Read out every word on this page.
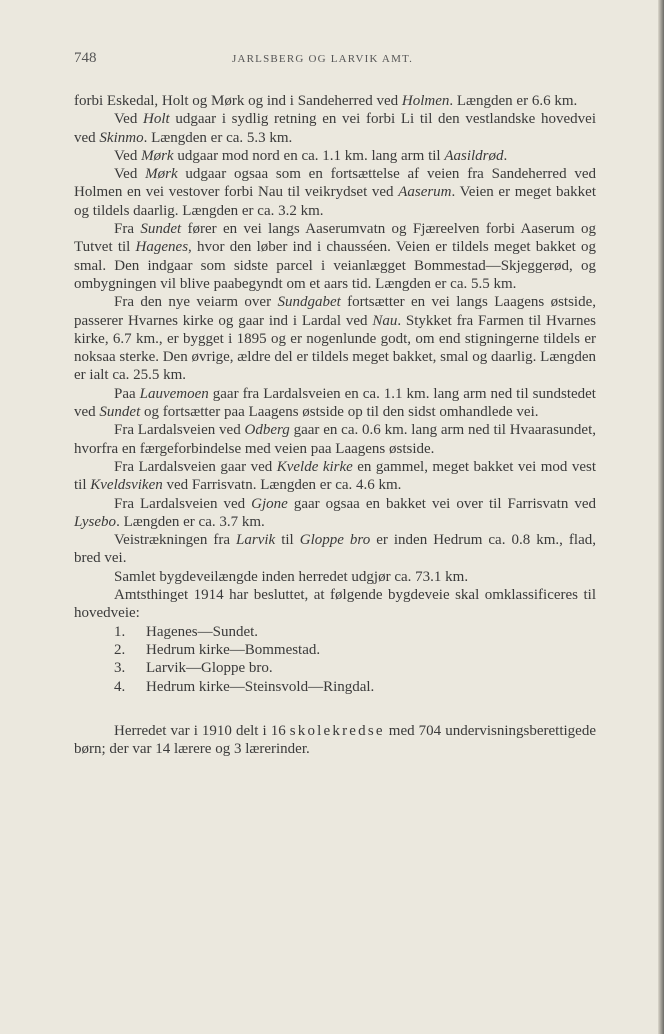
748	JARLSBERG OG LARVIK AMT.

forbi Eskedal, Holt og Mørk og ind i Sandeherred ved Holmen. Længden er 6.6 km.

Ved Holt udgaar i sydlig retning en vei forbi Li til den vestlandske hovedvei ved Skinmo. Længden er ca. 5.3 km.

Ved Mørk udgaar mod nord en ca. 1.1 km. lang arm til Aasildrød.

Ved Mørk udgaar ogsaa som en fortsættelse af veien fra Sandeherred ved Holmen en vei vestover forbi Nau til veikrydset ved Aaserum. Veien er meget bakket og tildels daarlig. Længden er ca. 3.2 km.

Fra Sundet fører en vei langs Aaserumvatn og Fjæreelven forbi Aaserum og Tutvet til Hagenes, hvor den løber ind i chausséen. Veien er tildels meget bakket og smal. Den indgaar som sidste parcel i veianlægget Bommestad—Skjeggerød, og ombygningen vil blive paabegyndt om et aars tid. Længden er ca. 5.5 km.

Fra den nye veiarm over Sundgabet fortsætter en vei langs Laagens østside, passerer Hvarnes kirke og gaar ind i Lardal ved Nau. Stykket fra Farmen til Hvarnes kirke, 6.7 km., er bygget i 1895 og er nogenlunde godt, om end stigningerne tildels er noksaa sterke. Den øvrige, ældre del er tildels meget bakket, smal og daarlig. Længden er ialt ca. 25.5 km.

Paa Lauvemoen gaar fra Lardalsveien en ca. 1.1 km. lang arm ned til sundstedet ved Sundet og fortsætter paa Laagens østside op til den sidst omhandlede vei.

Fra Lardalsveien ved Odberg gaar en ca. 0.6 km. lang arm ned til Hvaarasundet, hvorfra en færgeforbindelse med veien paa Laagens østside.

Fra Lardalsveien gaar ved Kvelde kirke en gammel, meget bakket vei mod vest til Kveldsviken ved Farrisvatn. Længden er ca. 4.6 km.

Fra Lardalsveien ved Gjone gaar ogsaa en bakket vei over til Farrisvatn ved Lysebo. Længden er ca. 3.7 km.

Veistrækningen fra Larvik til Gloppe bro er inden Hedrum ca. 0.8 km., flad, bred vei.

Samlet bygdeveilængde inden herredet udgjør ca. 73.1 km.

Amtsthinget 1914 har besluttet, at følgende bygdeveie skal omklassificeres til hovedveie:

1. Hagenes—Sundet.
2. Hedrum kirke—Bommestad.
3. Larvik—Gloppe bro.
4. Hedrum kirke—Steinsvold—Ringdal.

Herredet var i 1910 delt i 16 skolekredse med 704 undervisningsberettigede børn; der var 14 lærere og 3 lærerinder.
